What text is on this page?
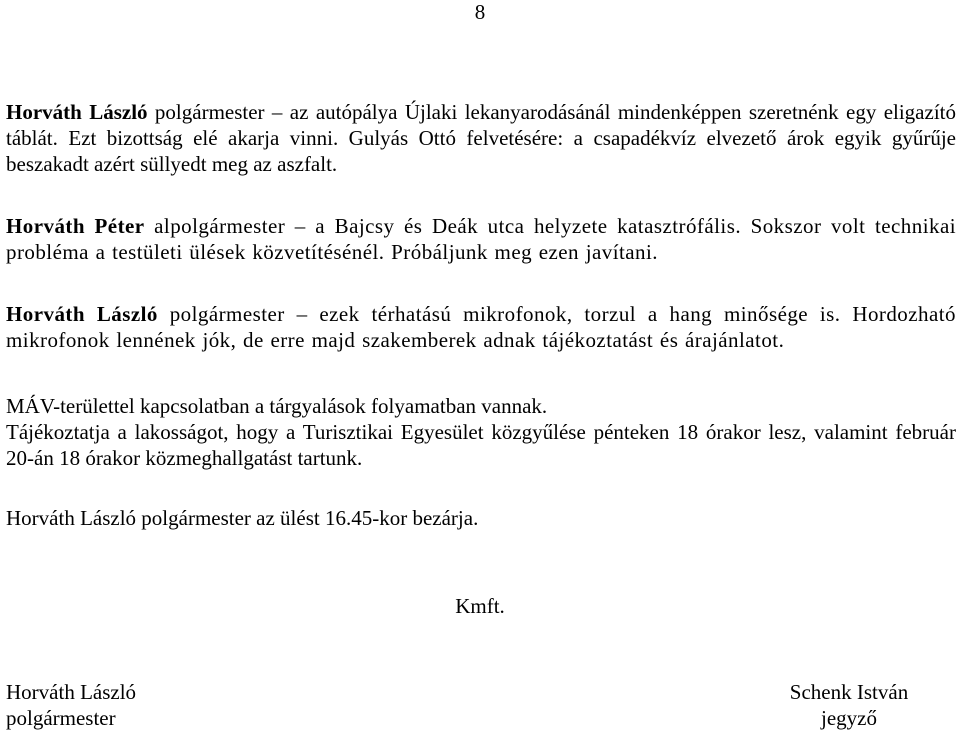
8
Horváth László polgármester – az autópálya Újlaki lekanyarodásánál mindenképpen szeretnénk egy eligazító táblát. Ezt bizottság elé akarja vinni. Gulyás Ottó felvetésére: a csapadékvíz elvezető árok egyik gyűrűje beszakadt azért süllyedt meg az aszfalt.
Horváth Péter alpolgármester – a Bajcsy és Deák utca helyzete katasztrófális. Sokszor volt technikai probléma a testületi ülések közvetítésénél. Próbáljunk meg ezen javítani.
Horváth László polgármester – ezek térhatású mikrofonok, torzul a hang minősége is. Hordozható mikrofonok lennének jók, de erre majd szakemberek adnak tájékoztatást és árajánlatot.
MÁV-területtel kapcsolatban a tárgyalások folyamatban vannak.
Tájékoztatja a lakosságot, hogy a Turisztikai Egyesület közgyűlése pénteken 18 órakor lesz, valamint február 20-án 18 órakor közmeghallgatást tartunk.
Horváth László polgármester az ülést 16.45-kor bezárja.
Kmft.
Horváth László
polgármester
Schenk István
jegyző
